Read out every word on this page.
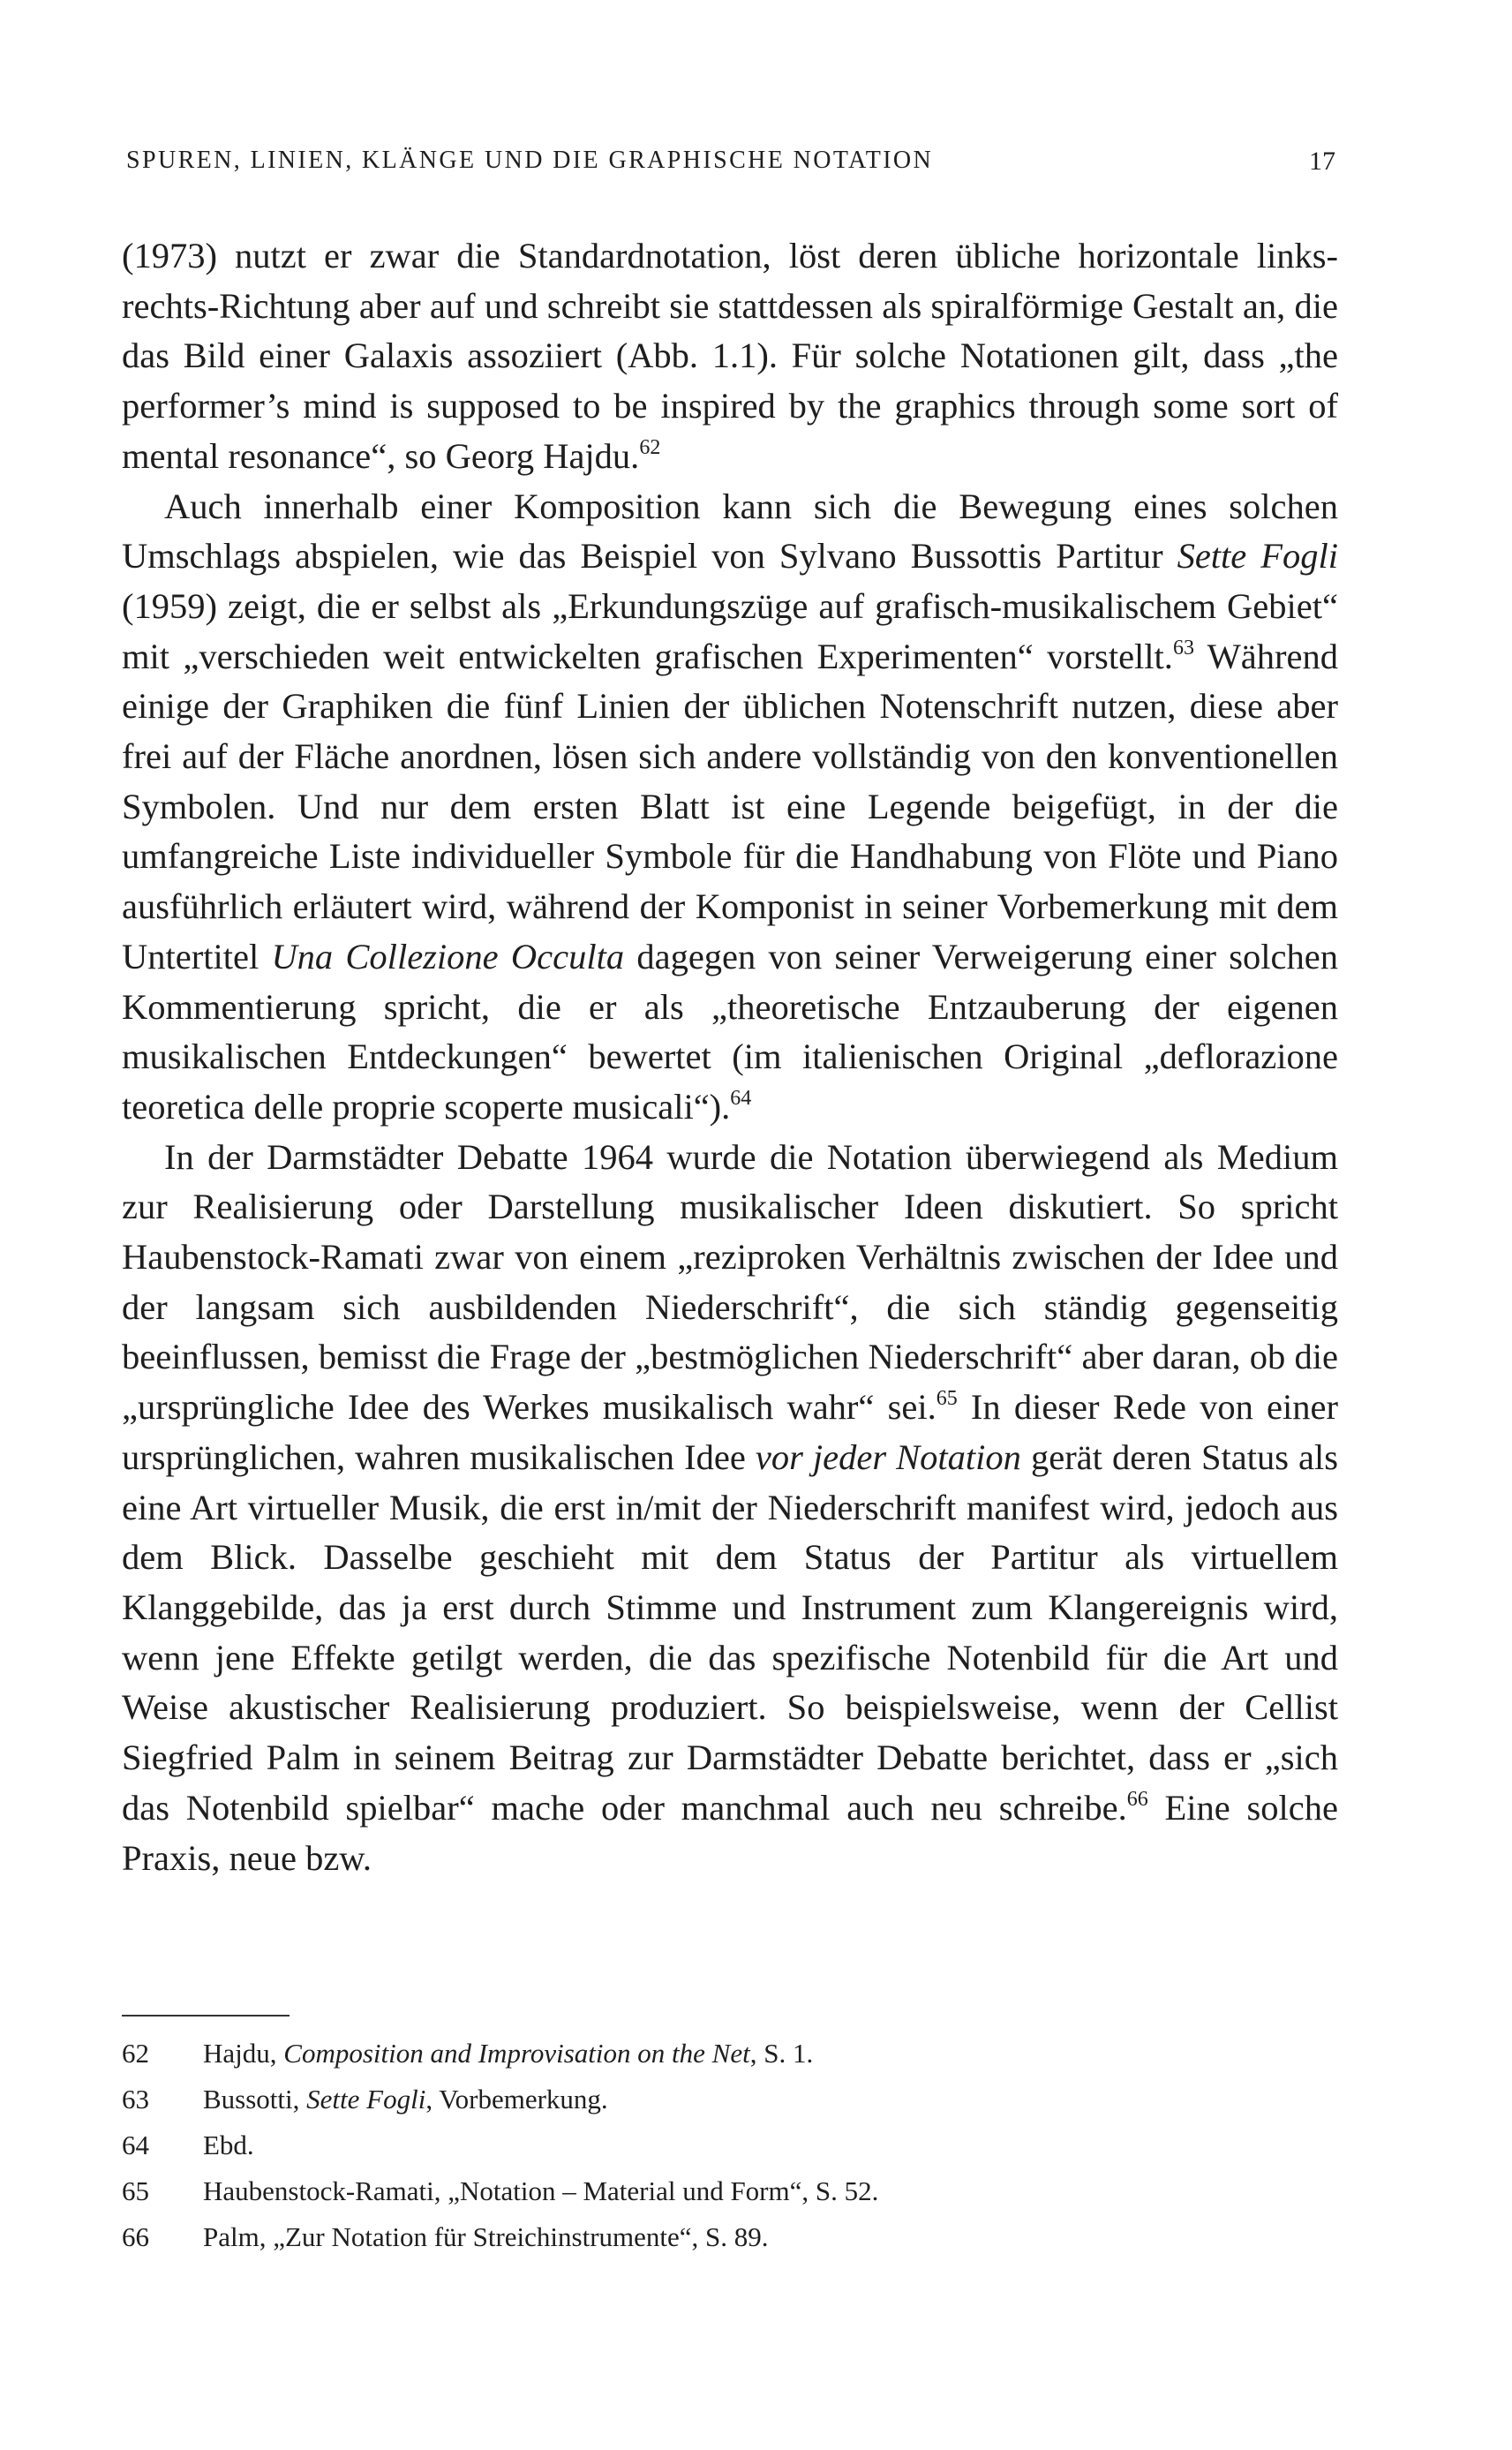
SPUREN, LINIEN, KLÄNGE UND DIE GRAPHISCHE NOTATION	17

(1973) nutzt er zwar die Standardnotation, löst deren übliche horizontale links-rechts-Richtung aber auf und schreibt sie stattdessen als spiralförmige Gestalt an, die das Bild einer Galaxis assoziiert (Abb. 1.1). Für solche Notationen gilt, dass „the performer’s mind is supposed to be inspired by the graphics through some sort of mental resonance“, so Georg Hajdu.$^{62}$

Auch innerhalb einer Komposition kann sich die Bewegung eines solchen Umschlags abspielen, wie das Beispiel von Sylvano Bussottis Partitur Sette Fogli (1959) zeigt, die er selbst als „Erkundungszüge auf grafisch-musikalischem Gebiet“ mit „verschieden weit entwickelten grafischen Experimenten“ vorstellt.$^{63}$ Während einige der Graphiken die fünf Linien der üblichen Notenschrift nutzen, diese aber frei auf der Fläche anordnen, lösen sich andere vollständig von den konventionellen Symbolen. Und nur dem ersten Blatt ist eine Legende beigefügt, in der die umfangreiche Liste individueller Symbole für die Handhabung von Flöte und Piano ausführlich erläutert wird, während der Komponist in seiner Vorbemerkung mit dem Untertitel Una Collezione Occulta dagegen von seiner Verweigerung einer solchen Kommentierung spricht, die er als „theoretische Entzauberung der eigenen musikalischen Entdeckungen“ bewertet (im italienischen Original „deflorazione teoretica delle proprie scoperte musicali“).$^{64}$

In der Darmstädter Debatte 1964 wurde die Notation überwiegend als Medium zur Realisierung oder Darstellung musikalischer Ideen diskutiert. So spricht Haubenstock-Ramati zwar von einem „reziproken Verhältnis zwischen der Idee und der langsam sich ausbildenden Niederschrift“, die sich ständig gegenseitig beeinflussen, bemisst die Frage der „bestmöglichen Niederschrift“ aber daran, ob die „ursprüngliche Idee des Werkes musikalisch wahr“ sei.$^{65}$ In dieser Rede von einer ursprünglichen, wahren musikalischen Idee vor jeder Notation gerät deren Status als eine Art virtueller Musik, die erst in/mit der Niederschrift manifest wird, jedoch aus dem Blick. Dasselbe geschieht mit dem Status der Partitur als virtuellem Klanggebilde, das ja erst durch Stimme und Instrument zum Klangereignis wird, wenn jene Effekte getilgt werden, die das spezifische Notenbild für die Art und Weise akustischer Realisierung produziert. So beispielsweise, wenn der Cellist Siegfried Palm in seinem Beitrag zur Darmstädter Debatte berichtet, dass er „sich das Notenbild spielbar“ mache oder manchmal auch neu schreibe.$^{66}$ Eine solche Praxis, neue bzw.

62	Hajdu, Composition and Improvisation on the Net, S. 1.
63	Bussotti, Sette Fogli, Vorbemerkung.
64	Ebd.
65	Haubenstock-Ramati, „Notation – Material und Form“, S. 52.
66	Palm, „Zur Notation für Streichinstrumente“, S. 89.
